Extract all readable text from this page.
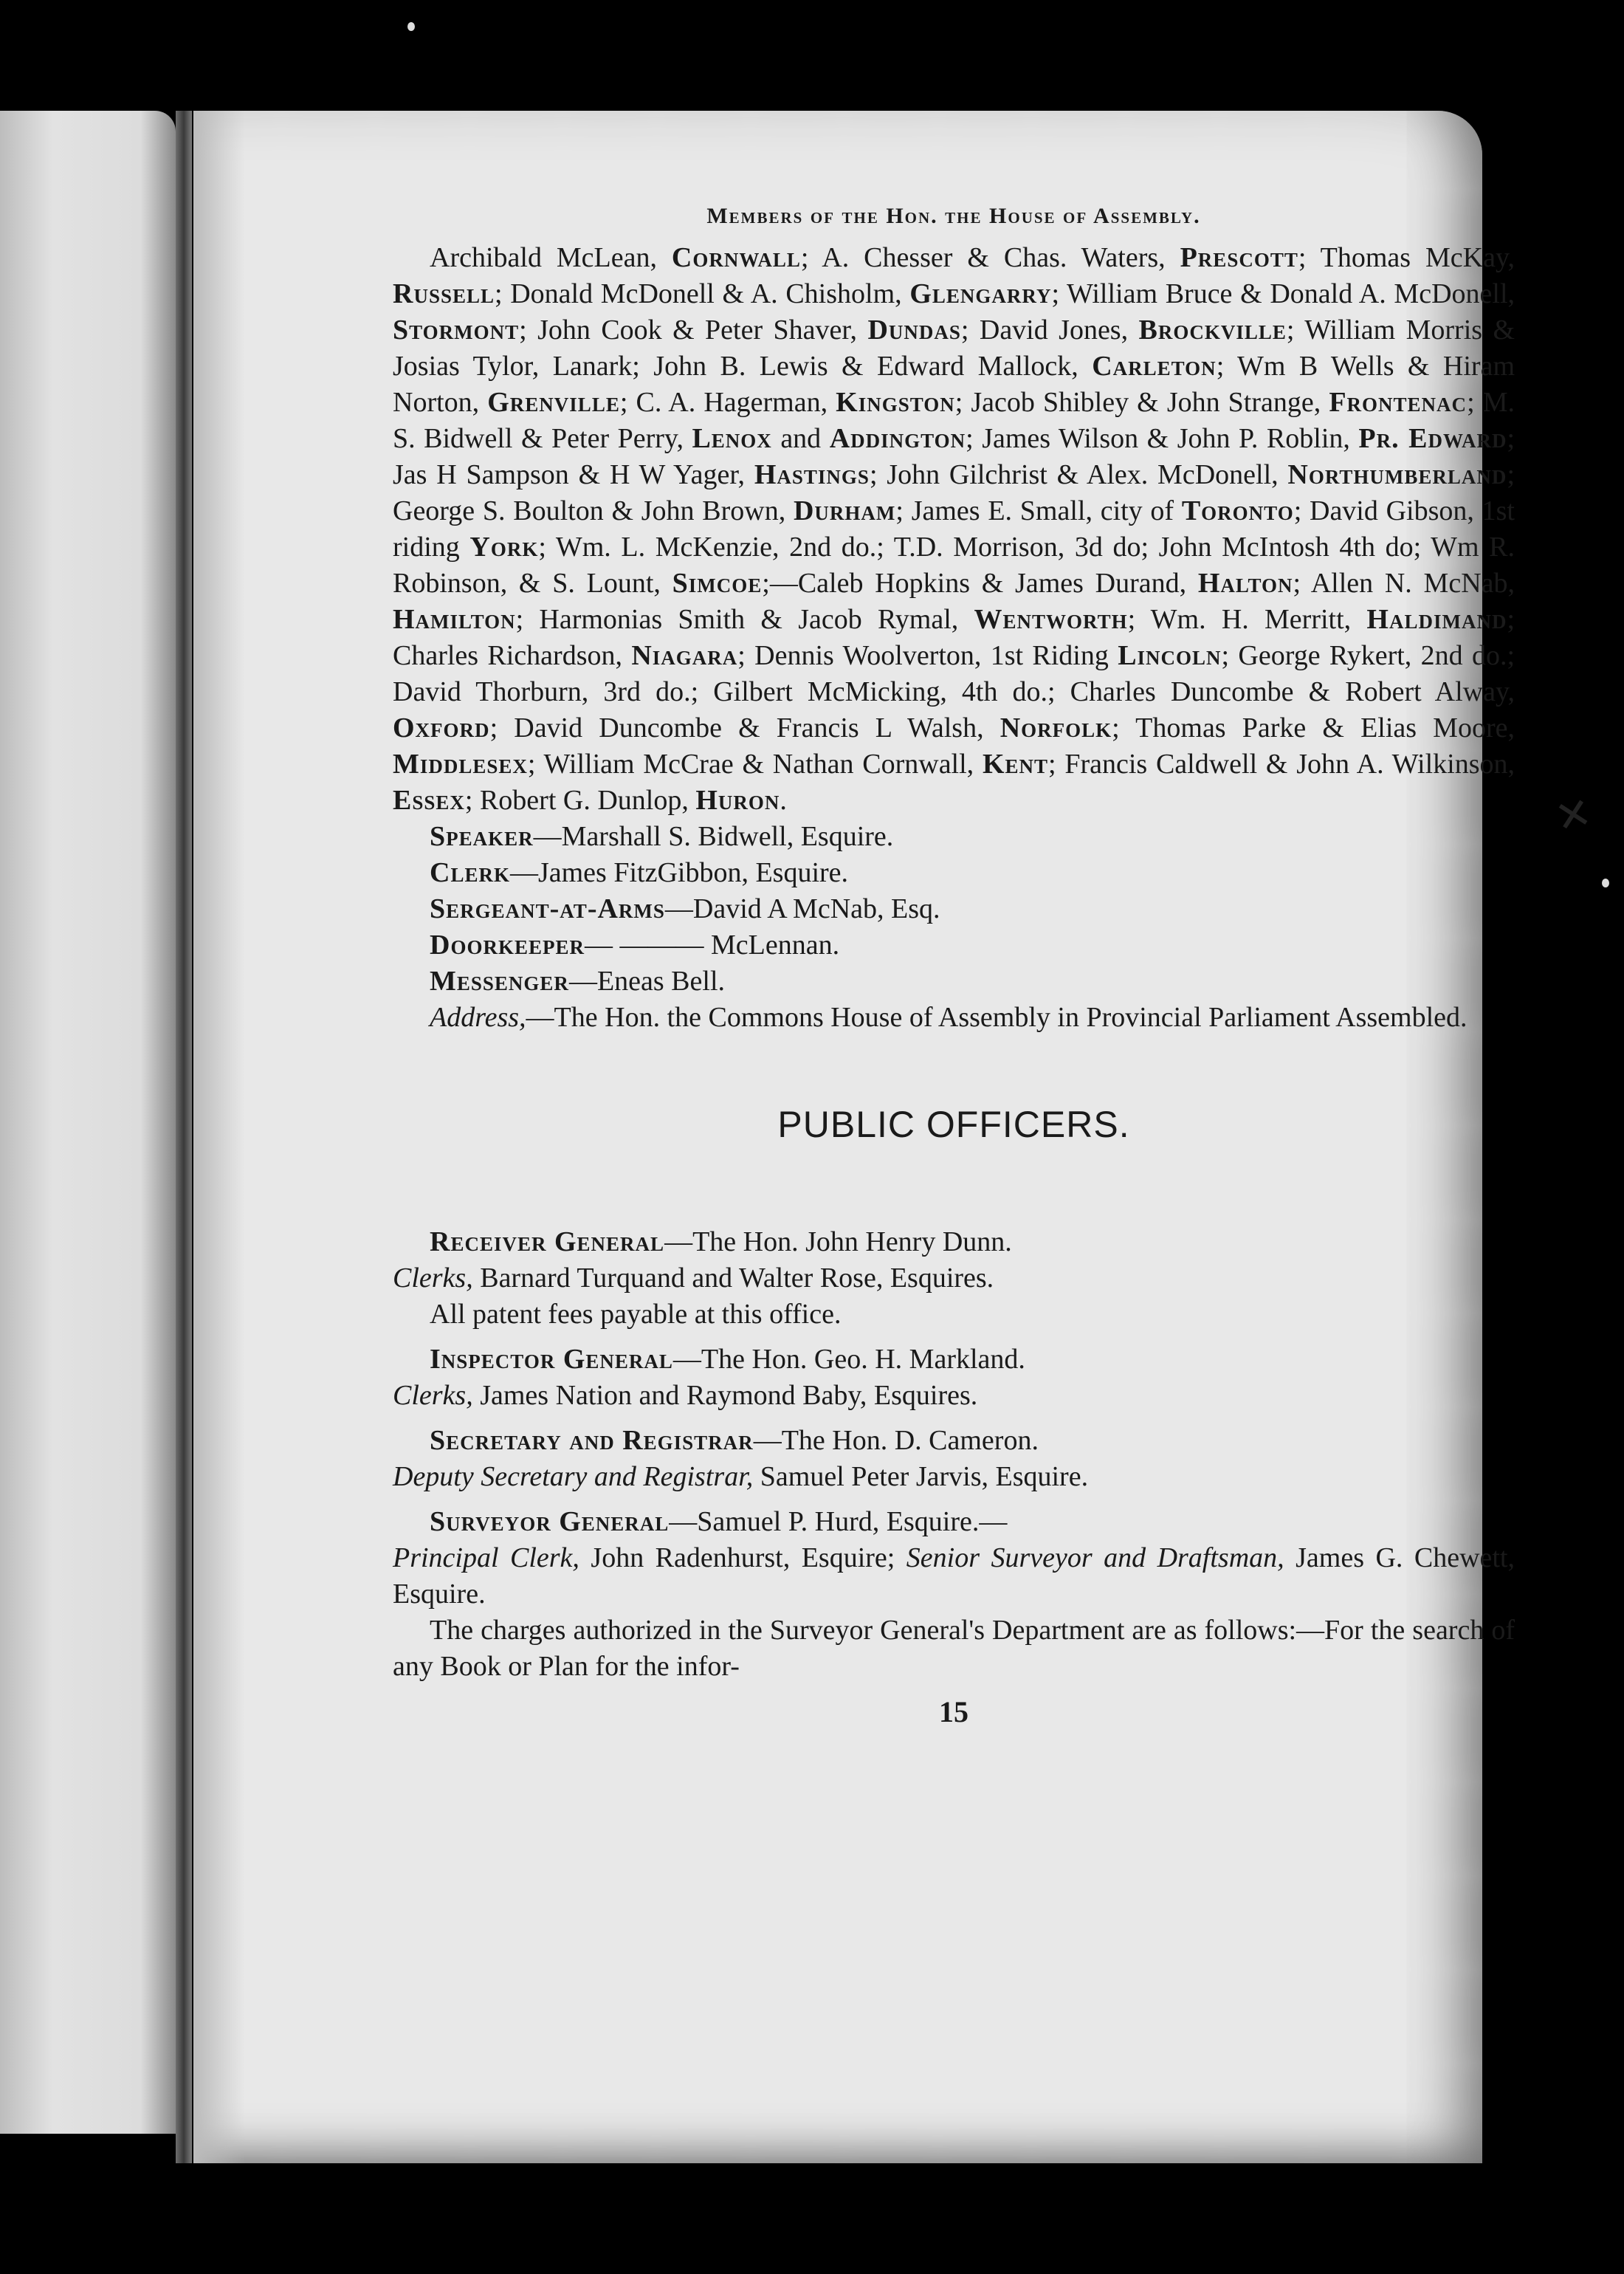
Members of the Hon. the House of Assembly.

Archibald McLean, Cornwall; A. Chesser & Chas. Waters, Prescott; Thomas McKay, Russell; Donald McDonell & A. Chisholm, Glengarry; William Bruce & Donald A. McDonell, Stormont; John Cook & Peter Shaver, Dundas; David Jones, Brockville; William Morris & Josias Tylor, Lanark; John B. Lewis & Edward Mallock, Carleton; Wm B Wells & Hiram Norton, Grenville; C. A. Hagerman, Kingston; Jacob Shibley & John Strange, Frontenac; M. S. Bidwell & Peter Perry, Lenox and Addington; James Wilson & John P. Roblin, Pr. Edward; Jas H Sampson & H W Yager, Hastings; John Gilchrist & Alex. McDonell, Northumberland; George S. Boulton & John Brown, Durham; James E. Small, city of Toronto; David Gibson, 1st riding York; Wm. L. McKenzie, 2nd do.; T.D. Morrison, 3d do; John McIntosh 4th do; Wm R. Robinson, & S. Lount, Simcoe;—Caleb Hopkins & James Durand, Halton; Allen N. McNab, Hamilton; Harmonias Smith & Jacob Rymal, Wentworth; Wm. H. Merritt, Haldimand; Charles Richardson, Niagara; Dennis Woolverton, 1st Riding Lincoln; George Rykert, 2nd do.; David Thorburn, 3rd do.; Gilbert McMicking, 4th do.; Charles Duncombe & Robert Alway, Oxford; David Duncombe & Francis L Walsh, Norfolk; Thomas Parke & Elias Moore, Middlesex; William McCrae & Nathan Cornwall, Kent; Francis Caldwell & John A. Wilkinson, Essex; Robert G. Dunlop, Huron.

Speaker—Marshall S. Bidwell, Esquire.

Clerk—James FitzGibbon, Esquire.

Sergeant-at-Arms—David A McNab, Esq.

Doorkeeper— ——— McLennan.

Messenger—Eneas Bell.

Address,—The Hon. the Commons House of Assembly in Provincial Parliament Assembled.

PUBLIC OFFICERS.

Receiver General—The Hon. John Henry Dunn.

Clerks, Barnard Turquand and Walter Rose, Esquires.

All patent fees payable at this office.

Inspector General—The Hon. Geo. H. Markland.

Clerks, James Nation and Raymond Baby, Esquires.

Secretary and Registrar—The Hon. D. Cameron.

Deputy Secretary and Registrar, Samuel Peter Jarvis, Esquire.

Surveyor General—Samuel P. Hurd, Esquire.—

Principal Clerk, John Radenhurst, Esquire; Senior Surveyor and Draftsman, James G. Chewett, Esquire.

The charges authorized in the Surveyor General's Department are as follows:—For the search of any Book or Plan for the infor-

15
✕
